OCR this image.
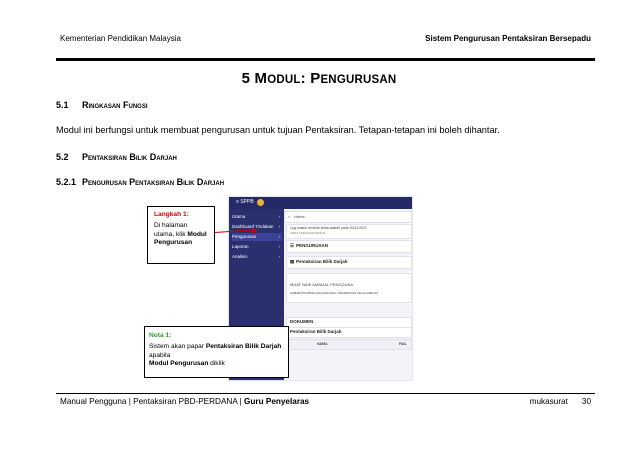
Kementerian Pendidikan Malaysia	Sistem Pengurusan Pentaksiran Bersepadu
5 MODUL: PENGURUSAN
5.1 Ringkasan Fungsi
Modul ini berfungsi untuk membuat pengurusan untuk tujuan Pentaksiran. Tetapan-tetapan ini boleh dihantar.
5.2 Pentaksiran Bilik Darjah
5.2.1 Pengurusan Pentaksiran Bilik Darjah
≡ SPPB
Utama	›
Dashboard Tindakan ›
Pengurusan	›
Laporan	›
Analisis	›
⌂ Home
Log masuk terakhir anda adalah pada 20/11/2022
ANDA TERAKHIR MASUK
☰ PENGURUSAN
▤ Pentaksiran Bilik Darjah
MUAT NAIK MANUAL PENGGUNA
SUBJEKTIF/PENILAIAN BAHARU: PENDIDIKAN TELAH DIBUAT
DOKUMEN
Pentaksiran Bilik Darjah
NAMA	FAIL
Langkah 1:
Di halaman utama, klik Modul Pengurusan
Nota 1:
Sistem akan papar Pentaksiran Bilik Darjah apabila
Modul Pengurusan diklik
Manual Pengguna | Pentaksiran PBD-PERDANA | Guru Penyelaras	mukasurat 30
